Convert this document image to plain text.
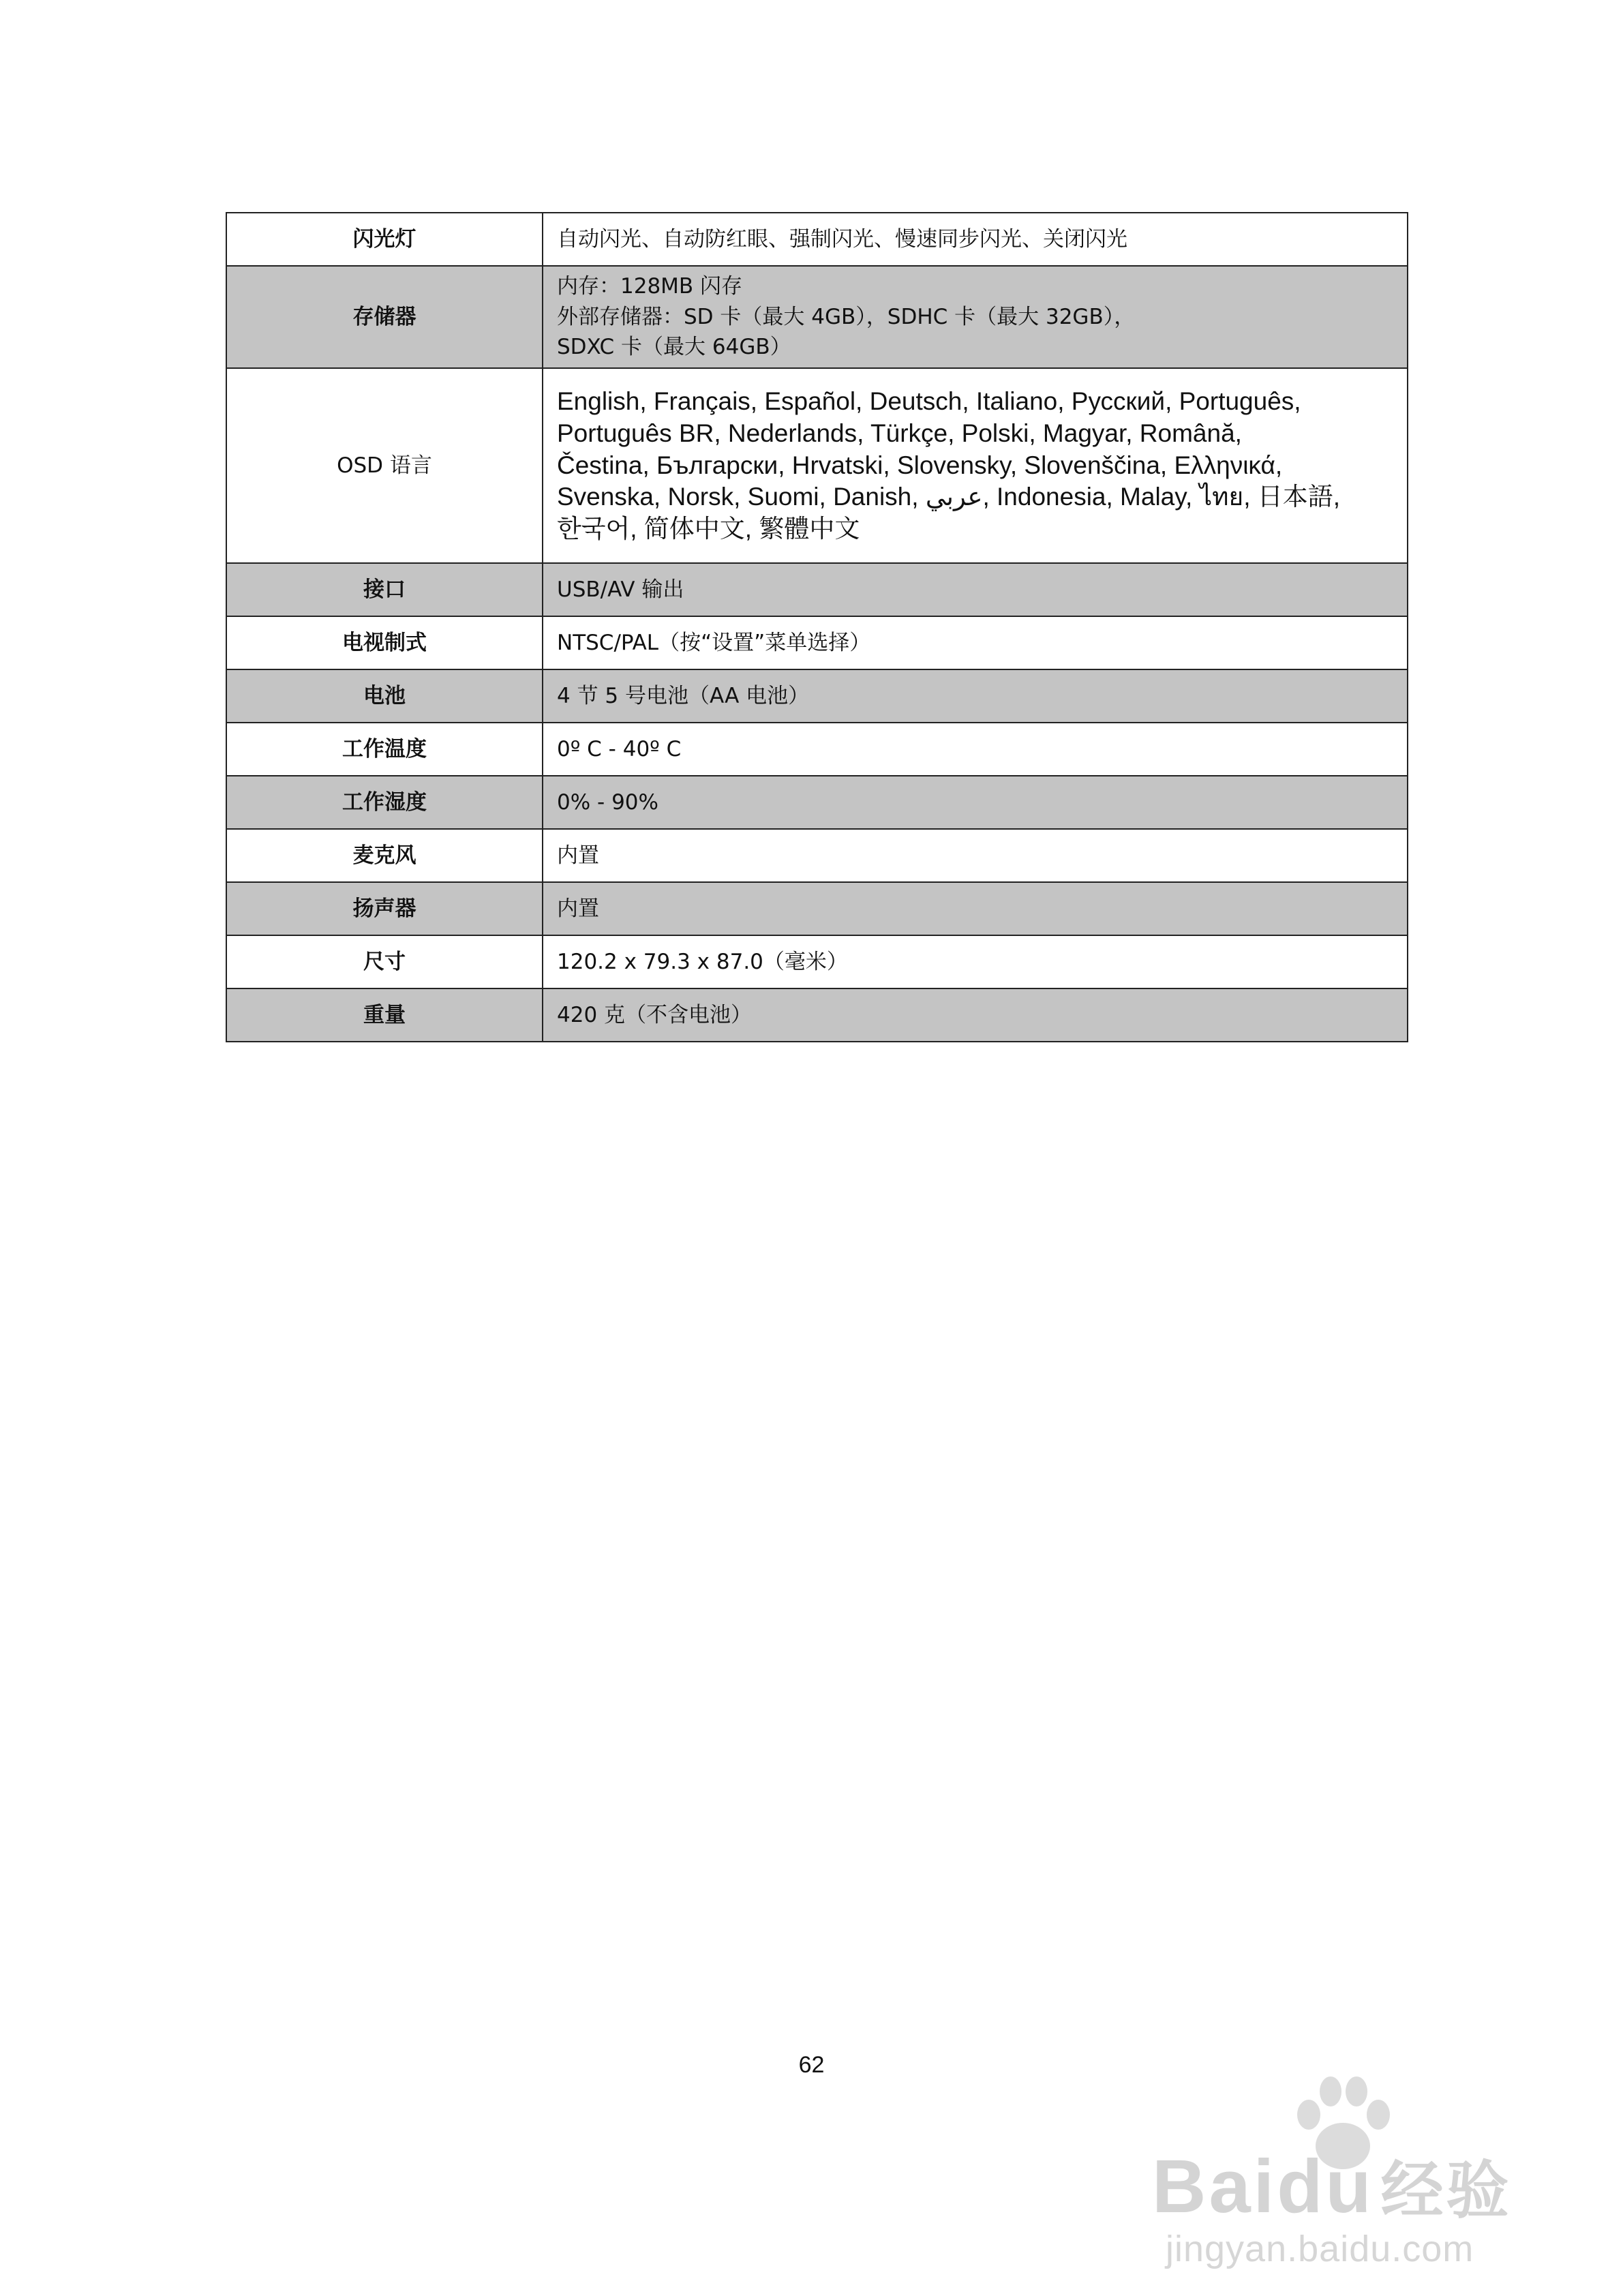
闪光灯	自动闪光、自动防红眼、强制闪光、慢速同步闪光、关闭闪光
存储器	内存：128MB 闪存
外部存储器：SD 卡（最大 4GB），SDHC 卡（最大 32GB），
SDXC 卡（最大 64GB）

OSD 语言	English, Français, Español, Deutsch, Italiano, Русский, Português,
Português BR, Nederlands, Türkçe, Polski, Magyar, Română,
Čestina, Български, Hrvatski, Slovensky, Slovenščina, Ελληνικά,
Svenska, Norsk, Suomi, Danish, عربي, Indonesia, Malay, ไทย, 日本語,
한국어, 简体中文, 繁體中文

接口	USB/AV 输出
电视制式	NTSC/PAL（按“设置”菜单选择）
电池	4 节 5 号电池（AA 电池）
工作温度	0º C - 40º C
工作湿度	0% - 90%
麦克风	内置
扬声器	内置
尺寸	120.2 x 79.3 x 87.0（毫米）
重量	420 克（不含电池）
62
Baidu 经验
jingyan.baidu.com
